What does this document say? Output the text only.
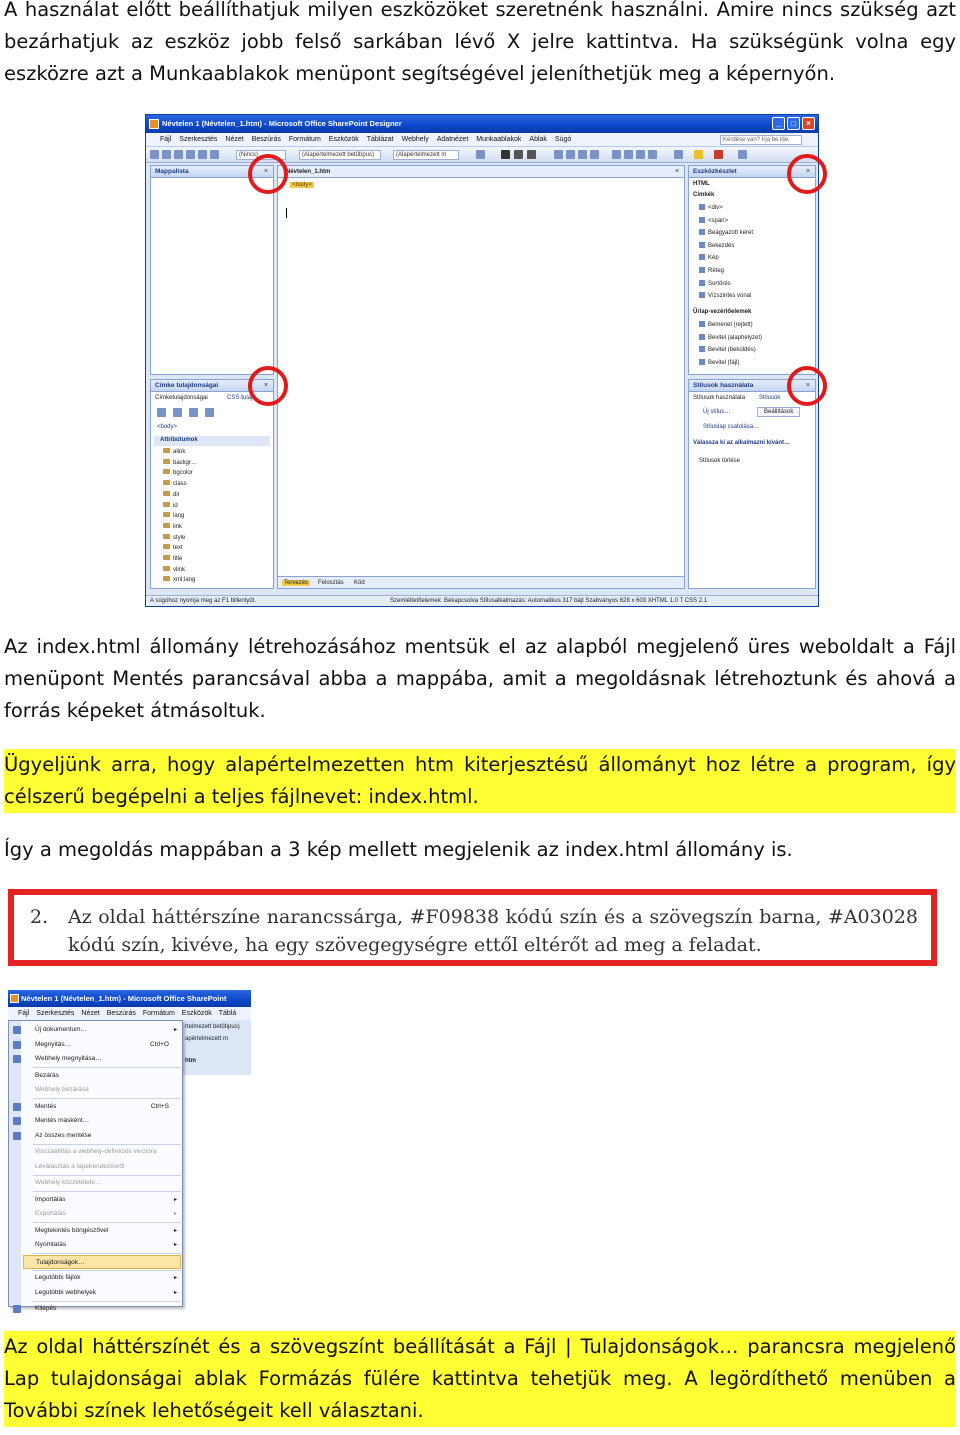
A használat előtt beállíthatjuk milyen eszközöket szeretnénk használni. Amire nincs szükség azt bezárhatjuk az eszköz jobb felső sarkában lévő X jelre kattintva. Ha szükségünk volna egy eszközre azt a Munkaablakok menüpont segítségével jeleníthetjük meg a képernyőn.

Névtelen 1 (Névtelen_1.htm) - Microsoft Office SharePoint Designer	_	□	×
Fájl Szerkesztés Nézet Beszúrás Formátum Eszközök Táblázat Webhely Adatnézet Munkaablakok Ablak Súgó	Kérdése van? Írja be ide.
(Nincs)	(Alapértelmezett betűtípus)	(Alapértelmezett m
Mappalista	×
Címke tulajdonságai	×
Címketulajdonságai	CSS-tulaj
<body>
Attribútumok
alink
backgr…
bgcolor
class
dir
id
lang
link
style
text
title
vlink
xml:lang
Névtelen_1.htm	×
<body>
Tervezés	Felosztás Kód
Eszközkészlet	×
HTML
Címkék
<div>
<span>
Beágyazott keret
Bekezdés
Kép
Réteg
Sortörés
Vízszintes vonal
Űrlap-vezérlőelemek
Bemenet (rejtett)
Bevitel (alaphelyzet)
Bevitel (beküldés)
Bevitel (fájl)
Stílusok használata	×
Stílusok használata Stílusok
Új stílus…	Beállítások
Stíluslap csatolása…
Válassza ki az alkalmazni kívánt…
Stílusok törlése
A súgóhoz nyomja meg az F1 billentyűt.	Szemléltetőelemek: Bekapcsolva Stílusalkalmazás: Automatikus 317 bájt Szabványos 628 x 603 XHTML 1.0 T CSS 2.1

Az index.html állomány létrehozásához mentsük el az alapból megjelenő üres weboldalt a Fájl menüpont Mentés parancsával abba a mappába, amit a megoldásnak létrehoztunk és ahová a forrás képeket átmásoltuk.

Ügyeljünk arra, hogy alapértelmezetten htm kiterjesztésű állományt hoz létre a program, így célszerű begépelni a teljes fájlnevet: index.html.

Így a megoldás mappában a 3 kép mellett megjelenik az index.html állomány is.

2. Az oldal háttérszíne narancssárga, #F09838 kódú szín és a szövegszín barna, #A03028 kódú szín, kivéve, ha egy szövegegységre ettől eltérőt ad meg a feladat.
Névtelen 1 (Névtelen_1.htm) - Microsoft Office SharePoint
Fájl Szerkesztés Nézet Beszúrás Formátum Eszközök Táblá
rtelmezett betűtípus)
apértelmezett m
htm
Új dokumentum…	▸
Megnyitás…	Ctrl+O
Webhely megnyitása…
Bezárás
Webhely bezárása
Mentés	Ctrl+S
Mentés másként…
Az összes mentése
Visszaállítás a webhely-definíciós verzióra
Leválasztás a lapelrendezésről
Webhely közzététele…
Importálás	▸
Exportálás	▸
Megtekintés böngészővel	▸
Nyomtatás	▸
Tulajdonságok…
Legutóbbi fájlok	▸
Legutóbbi webhelyek	▸
Kilépés

Az oldal háttérszínét és a szövegszínt beállítását a Fájl | Tulajdonságok… parancsra megjelenő Lap tulajdonságai ablak Formázás fülére kattintva tehetjük meg. A legördíthető menüben a További színek lehetőségeit kell választani.
